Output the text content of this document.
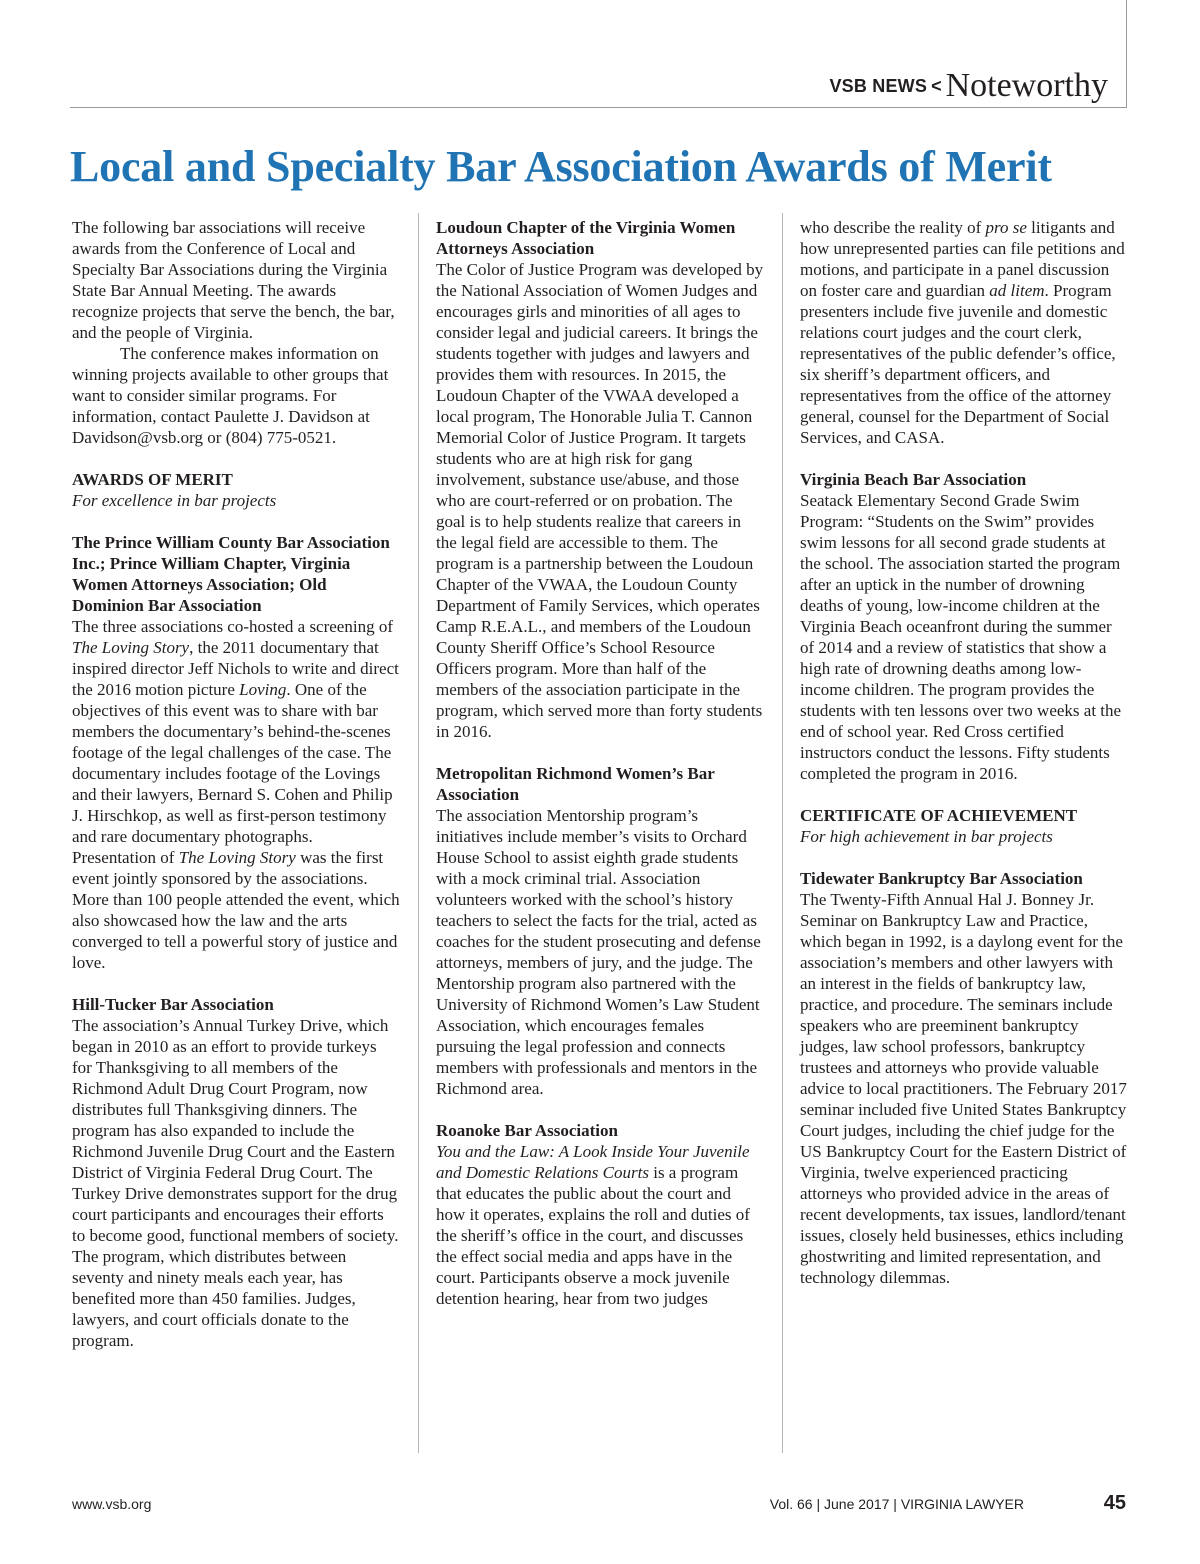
VSB NEWS < Noteworthy
Local and Specialty Bar Association Awards of Merit

The following bar associations will receive awards from the Conference of Local and Specialty Bar Associations during the Virginia State Bar Annual Meeting. The awards recognize projects that serve the bench, the bar, and the people of Virginia.

The conference makes information on winning projects available to other groups that want to consider similar programs. For information, contact Paulette J. Davidson at Davidson@vsb.org or (804) 775-0521.

AWARDS OF MERIT

For excellence in bar projects

The Prince William County Bar Association Inc.; Prince William Chapter, Virginia Women Attorneys Association; Old Dominion Bar Association

The three associations co-hosted a screening of The Loving Story, the 2011 documentary that inspired director Jeff Nichols to write and direct the 2016 motion picture Loving. One of the objectives of this event was to share with bar members the documentary’s behind-the-scenes footage of the legal challenges of the case. The documentary includes footage of the Lovings and their lawyers, Bernard S. Cohen and Philip J. Hirschkop, as well as first-person testimony and rare documentary photographs. Presentation of The Loving Story was the first event jointly sponsored by the associations. More than 100 people attended the event, which also showcased how the law and the arts converged to tell a powerful story of justice and love.

Hill-Tucker Bar Association

The association’s Annual Turkey Drive, which began in 2010 as an effort to provide turkeys for Thanksgiving to all members of the Richmond Adult Drug Court Program, now distributes full Thanksgiving dinners. The program has also expanded to include the Richmond Juvenile Drug Court and the Eastern District of Virginia Federal Drug Court. The Turkey Drive demonstrates support for the drug court participants and encourages their efforts to become good, functional members of society. The program, which distributes between seventy and ninety meals each year, has benefited more than 450 families. Judges, lawyers, and court officials donate to the program.

Loudoun Chapter of the Virginia Women Attorneys Association

The Color of Justice Program was developed by the National Association of Women Judges and encourages girls and minorities of all ages to consider legal and judicial careers. It brings the students together with judges and lawyers and provides them with resources. In 2015, the Loudoun Chapter of the VWAA developed a local program, The Honorable Julia T. Cannon Memorial Color of Justice Program. It targets students who are at high risk for gang involvement, substance use/abuse, and those who are court-referred or on probation. The goal is to help students realize that careers in the legal field are accessible to them. The program is a partnership between the Loudoun Chapter of the VWAA, the Loudoun County Department of Family Services, which operates Camp R.E.A.L., and members of the Loudoun County Sheriff Office’s School Resource Officers program. More than half of the members of the association participate in the program, which served more than forty students in 2016.

Metropolitan Richmond Women’s Bar Association

The association Mentorship program’s initiatives include member’s visits to Orchard House School to assist eighth grade students with a mock criminal trial. Association volunteers worked with the school’s history teachers to select the facts for the trial, acted as coaches for the student prosecuting and defense attorneys, members of jury, and the judge. The Mentorship program also partnered with the University of Richmond Women’s Law Student Association, which encourages females pursuing the legal profession and connects members with professionals and mentors in the Richmond area.

Roanoke Bar Association

You and the Law: A Look Inside Your Juvenile and Domestic Relations Courts is a program that educates the public about the court and how it operates, explains the roll and duties of the sheriff’s office in the court, and discusses the effect social media and apps have in the court. Participants observe a mock juvenile detention hearing, hear from two judges

who describe the reality of pro se litigants and how unrepresented parties can file petitions and motions, and participate in a panel discussion on foster care and guardian ad litem. Program presenters include five juvenile and domestic relations court judges and the court clerk, representatives of the public defender’s office, six sheriff’s department officers, and representatives from the office of the attorney general, counsel for the Department of Social Services, and CASA.

Virginia Beach Bar Association

Seatack Elementary Second Grade Swim Program: “Students on the Swim” provides swim lessons for all second grade students at the school. The association started the program after an uptick in the number of drowning deaths of young, low-income children at the Virginia Beach oceanfront during the summer of 2014 and a review of statistics that show a high rate of drowning deaths among low-income children. The program provides the students with ten lessons over two weeks at the end of school year. Red Cross certified instructors conduct the lessons. Fifty students completed the program in 2016.

CERTIFICATE OF ACHIEVEMENT

For high achievement in bar projects

Tidewater Bankruptcy Bar Association

The Twenty-Fifth Annual Hal J. Bonney Jr. Seminar on Bankruptcy Law and Practice, which began in 1992, is a daylong event for the association’s members and other lawyers with an interest in the fields of bankruptcy law, practice, and procedure. The seminars include speakers who are preeminent bankruptcy judges, law school professors, bankruptcy trustees and attorneys who provide valuable advice to local practitioners. The February 2017 seminar included five United States Bankruptcy Court judges, including the chief judge for the US Bankruptcy Court for the Eastern District of Virginia, twelve experienced practicing attorneys who provided advice in the areas of recent developments, tax issues, landlord/tenant issues, closely held businesses, ethics including ghostwriting and limited representation, and technology dilemmas.

www.vsb.org	Vol. 66 | June 2017 | VIRGINIA LAWYER	45
